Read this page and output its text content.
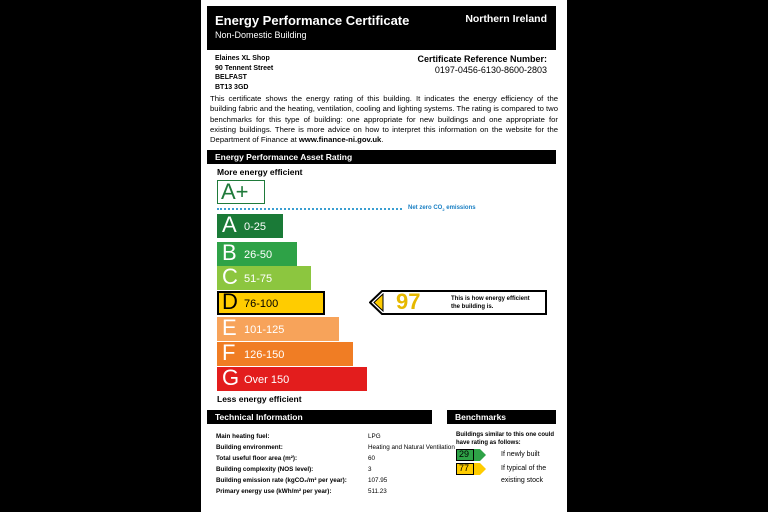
Energy Performance Certificate
Non-Domestic Building
Northern Ireland
Elaines XL Shop
90 Tennent Street
BELFAST
BT13 3GD
Certificate Reference Number:
0197-0456-6130-8600-2803
This certificate shows the energy rating of this building. It indicates the energy efficiency of the building fabric and the heating, ventilation, cooling and lighting systems. The rating is compared to two benchmarks for this type of building: one appropriate for new buildings and one appropriate for existing buildings. There is more advice on how to interpret this information on the website for the Department of Finance at www.finance-ni.gov.uk.
Energy Performance Asset Rating
More energy efficient
A+
Net zero $CO_2$ emissions
A 0-25
B 26-50
C 51-75
D 76-100
E 101-125
F 126-150
G Over 150
97	This is how energy efficient
the building is.
Less energy efficient
Technical Information
Main heating fuel:	LPG
Building environment:	Heating and Natural Ventilation
Total useful floor area (m²):	60
Building complexity (NOS level):	3
Building emission rate (kgCO₂/m² per year):	107.95
Primary energy use (kWh/m² per year):	511.23
Benchmarks
Buildings similar to this one could have rating as follows:
29	If newly built
77	If typical of the
existing stock
